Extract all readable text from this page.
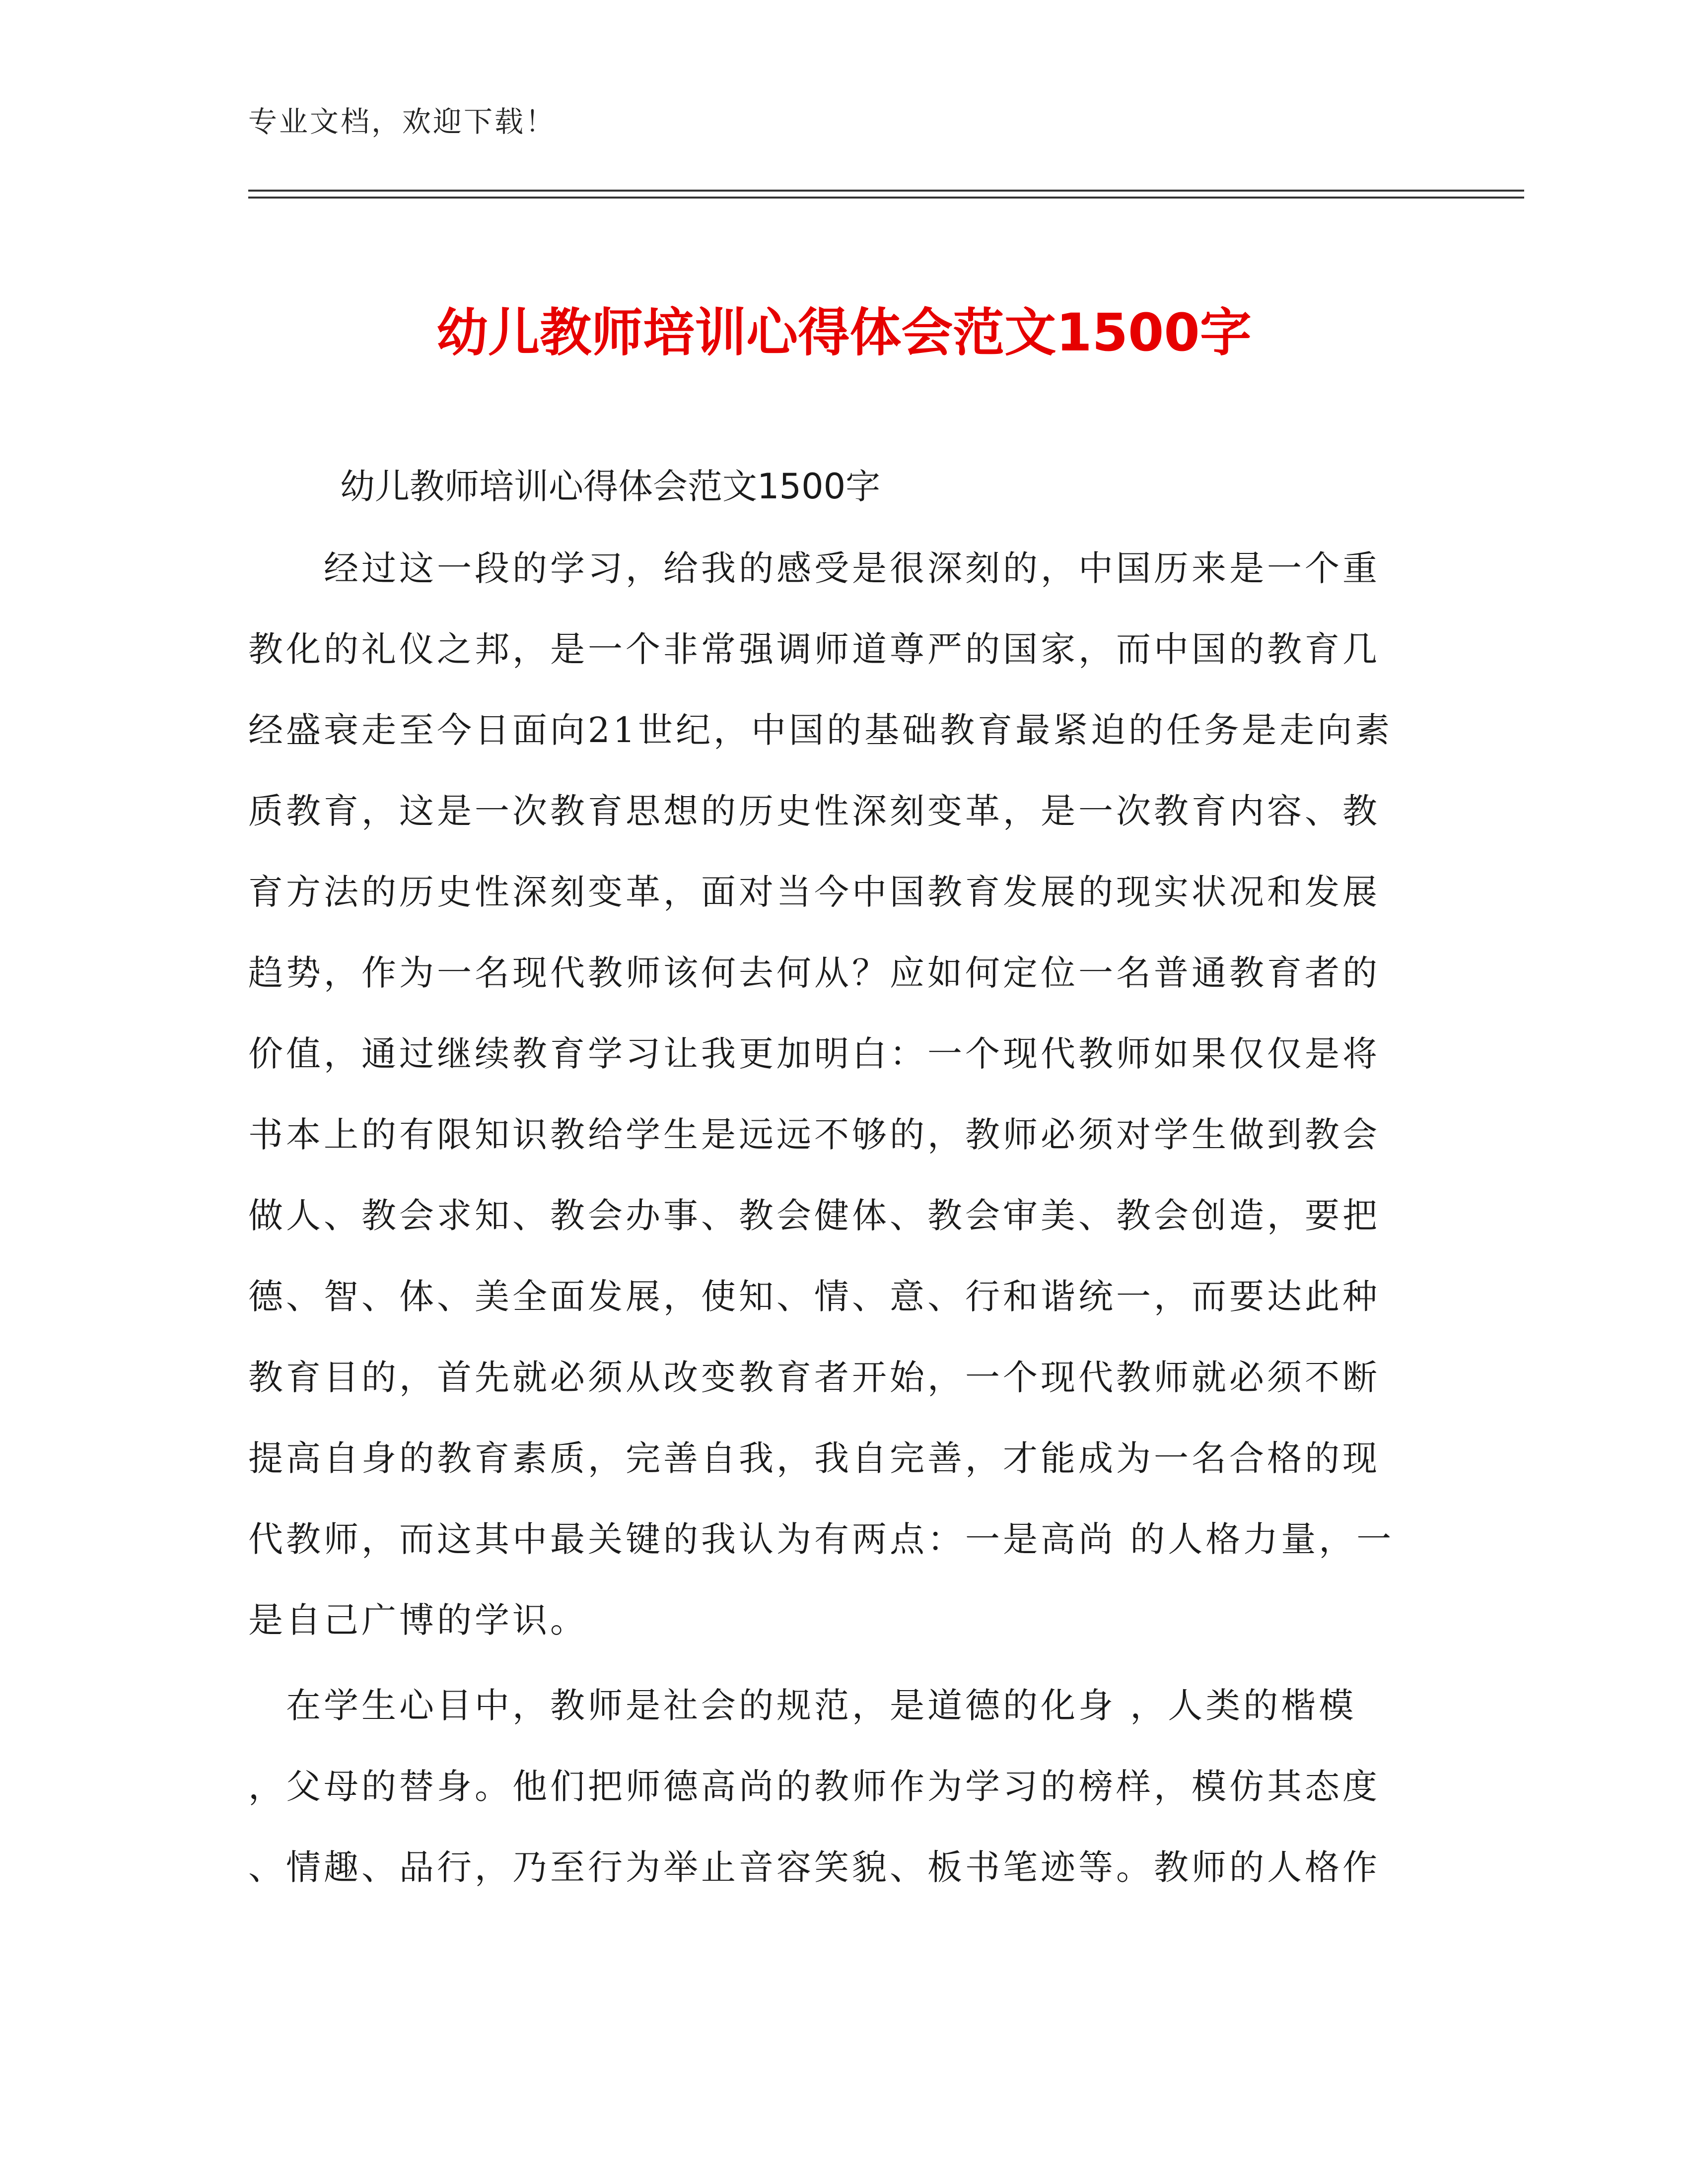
专业文档，欢迎下载！
幼儿教师培训心得体会范文1500字
幼儿教师培训心得体会范文1500字
　　经过这一段的学习，给我的感受是很深刻的，中国历来是一个重
教化的礼仪之邦，是一个非常强调师道尊严的国家，而中国的教育几
经盛衰走至今日面向21世纪，中国的基础教育最紧迫的任务是走向素
质教育，这是一次教育思想的历史性深刻变革，是一次教育内容、教
育方法的历史性深刻变革，面对当今中国教育发展的现实状况和发展
趋势，作为一名现代教师该何去何从？应如何定位一名普通教育者的
价值，通过继续教育学习让我更加明白：一个现代教师如果仅仅是将
书本上的有限知识教给学生是远远不够的，教师必须对学生做到教会
做人、教会求知、教会办事、教会健体、教会审美、教会创造，要把
德、智、体、美全面发展，使知、情、意、行和谐统一，而要达此种
教育目的，首先就必须从改变教育者开始，一个现代教师就必须不断
提高自身的教育素质，完善自我，我自完善，才能成为一名合格的现
代教师，而这其中最关键的我认为有两点：一是高尚 的人格力量，一
是自己广博的学识。
　在学生心目中，教师是社会的规范，是道德的化身 ，人类的楷模
，父母的替身。他们把师德高尚的教师作为学习的榜样，模仿其态度
、情趣、品行，乃至行为举止音容笑貌、板书笔迹等。教师的人格作
